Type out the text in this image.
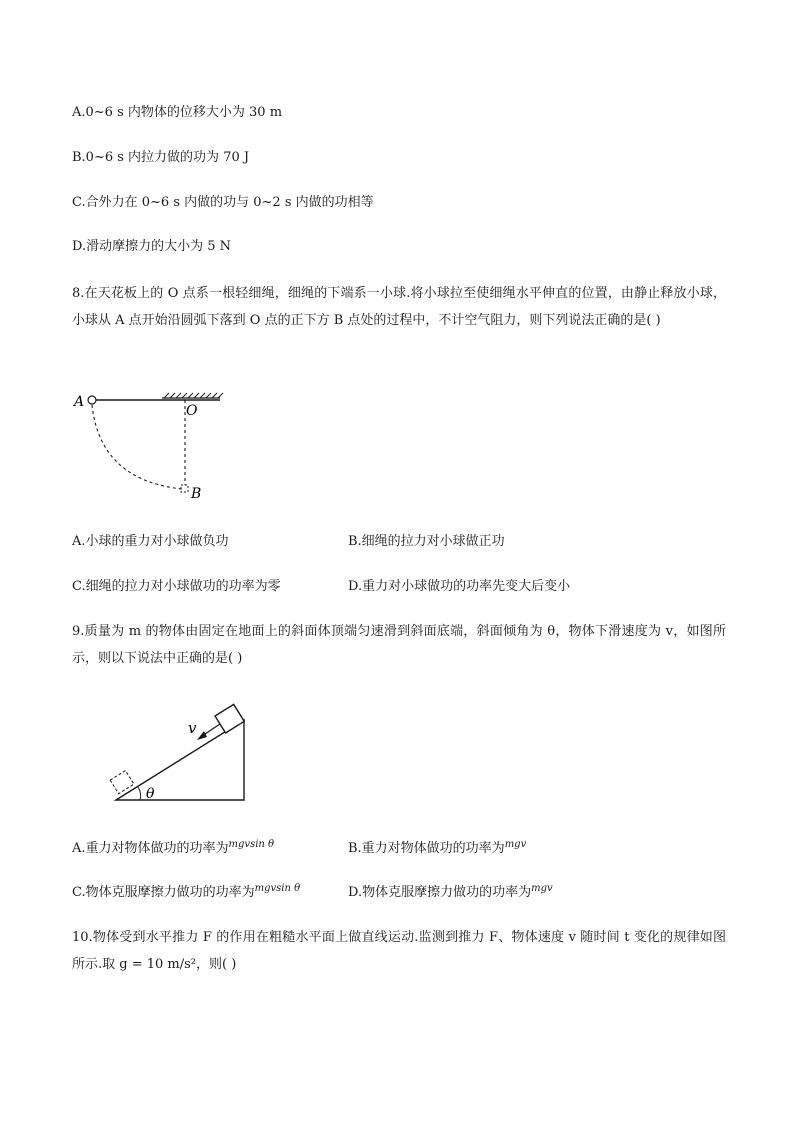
A.0~6 s 内物体的位移大小为 30 m
B.0~6 s 内拉力做的功为 70 J
C.合外力在 0~6 s 内做的功与 0~2 s 内做的功相等
D.滑动摩擦力的大小为 5 N
8.在天花板上的 O 点系一根轻细绳，细绳的下端系一小球.将小球拉至使细绳水平伸直的位置，由静止释放小球，小球从 A 点开始沿圆弧下落到 O 点的正下方 B 点处的过程中，不计空气阻力，则下列说法正确的是( )
A
O
B
A.小球的重力对小球做负功	B.细绳的拉力对小球做正功
C.细绳的拉力对小球做功的功率为零	D.重力对小球做功的功率先变大后变小
9.质量为 m 的物体由固定在地面上的斜面体顶端匀速滑到斜面底端，斜面倾角为 θ，物体下滑速度为 v，如图所示，则以下说法中正确的是( )
v
θ
A.重力对物体做功的功率为$^{mgvsin \theta}$	B.重力对物体做功的功率为$^{mgv}$
C.物体克服摩擦力做功的功率为$^{mgvsin \theta}$	D.物体克服摩擦力做功的功率为$^{mgv}$
10.物体受到水平推力 F 的作用在粗糙水平面上做直线运动.监测到推力 F、物体速度 v 随时间 t 变化的规律如图所示.取 g = 10 m/s²，则( )
